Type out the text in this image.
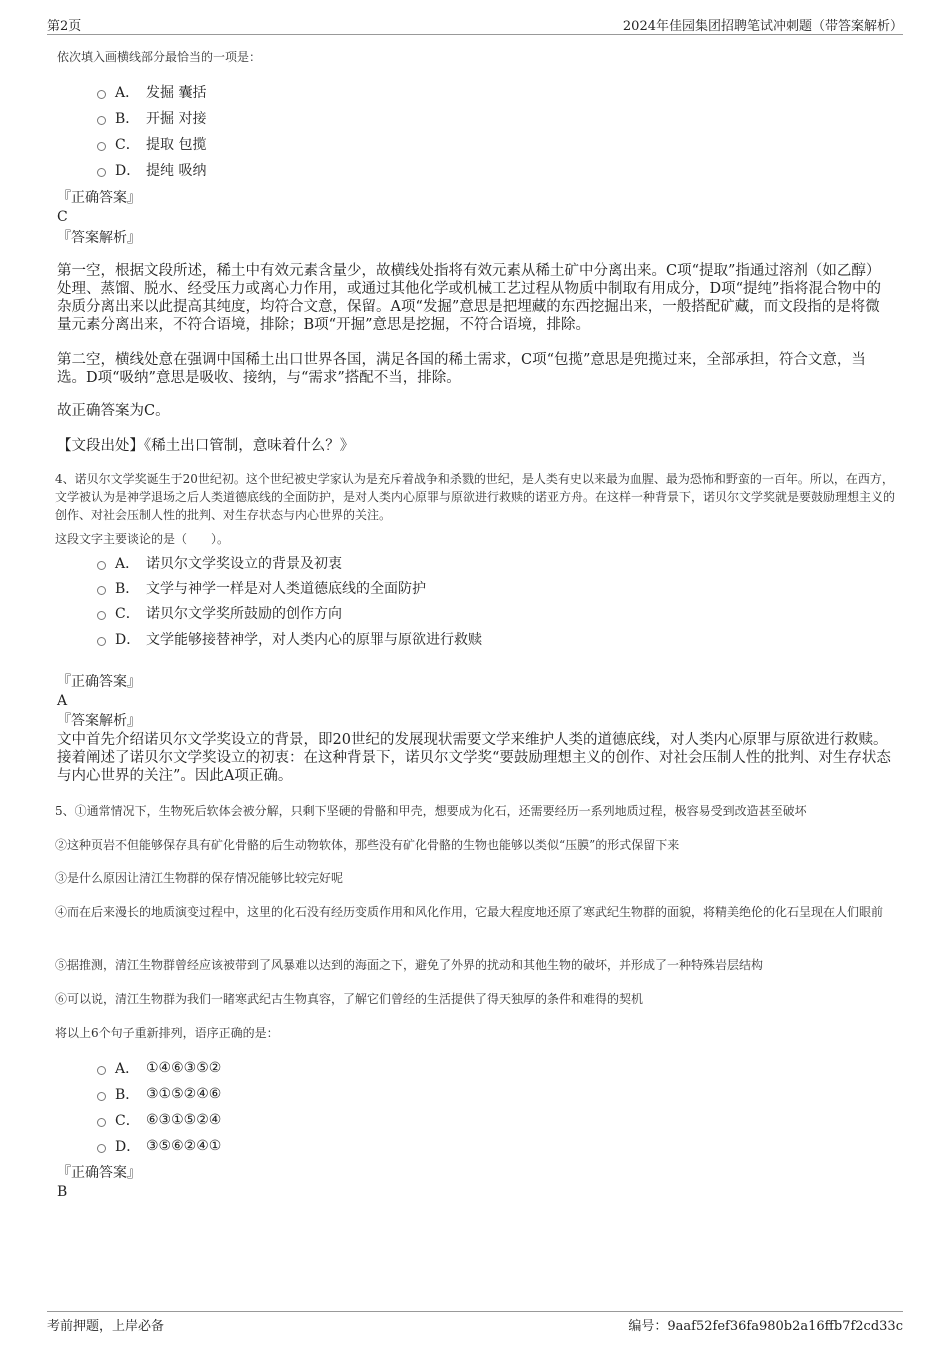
第2页	2024年佳园集团招聘笔试冲刺题（带答案解析）
依次填入画横线部分最恰当的一项是：
A． 发掘 囊括
B． 开掘 对接
C． 提取 包揽
D． 提纯 吸纳
『正确答案』
C
『答案解析』
第一空，根据文段所述，稀土中有效元素含量少，故横线处指将有效元素从稀土矿中分离出来。C项“提取”指通过溶剂（如乙醇）处理、蒸馏、脱水、经受压力或离心力作用，或通过其他化学或机械工艺过程从物质中制取有用成分，D项“提纯”指将混合物中的杂质分离出来以此提高其纯度，均符合文意，保留。A项“发掘”意思是把埋藏的东西挖掘出来，一般搭配矿藏，而文段指的是将微量元素分离出来，不符合语境，排除；B项“开掘”意思是挖掘，不符合语境，排除。
第二空，横线处意在强调中国稀土出口世界各国，满足各国的稀土需求，C项“包揽”意思是兜揽过来，全部承担，符合文意，当选。D项“吸纳”意思是吸收、接纳，与“需求”搭配不当，排除。
故正确答案为C。
【文段出处】《稀土出口管制，意味着什么？》
4、诺贝尔文学奖诞生于20世纪初。这个世纪被史学家认为是充斥着战争和杀戮的世纪，是人类有史以来最为血腥、最为恐怖和野蛮的一百年。所以，在西方，文学被认为是神学退场之后人类道德底线的全面防护，是对人类内心原罪与原欲进行救赎的诺亚方舟。在这样一种背景下，诺贝尔文学奖就是要鼓励理想主义的创作、对社会压制人性的批判、对生存状态与内心世界的关注。
这段文字主要谈论的是（　　）。
A． 诺贝尔文学奖设立的背景及初衷
B． 文学与神学一样是对人类道德底线的全面防护
C． 诺贝尔文学奖所鼓励的创作方向
D． 文学能够接替神学，对人类内心的原罪与原欲进行救赎
『正确答案』
A
『答案解析』
文中首先介绍诺贝尔文学奖设立的背景，即20世纪的发展现状需要文学来维护人类的道德底线，对人类内心原罪与原欲进行救赎。接着阐述了诺贝尔文学奖设立的初衷：在这种背景下，诺贝尔文学奖“要鼓励理想主义的创作、对社会压制人性的批判、对生存状态与内心世界的关注”。因此A项正确。
5、①通常情况下，生物死后软体会被分解，只剩下坚硬的骨骼和甲壳，想要成为化石，还需要经历一系列地质过程，极容易受到改造甚至破坏
②这种页岩不但能够保存具有矿化骨骼的后生动物软体，那些没有矿化骨骼的生物也能够以类似“压膜”的形式保留下来
③是什么原因让清江生物群的保存情况能够比较完好呢
④而在后来漫长的地质演变过程中，这里的化石没有经历变质作用和风化作用，它最大程度地还原了寒武纪生物群的面貌，将精美绝伦的化石呈现在人们眼前
⑤据推测，清江生物群曾经应该被带到了风暴难以达到的海面之下，避免了外界的扰动和其他生物的破坏，并形成了一种特殊岩层结构
⑥可以说，清江生物群为我们一睹寒武纪古生物真容，了解它们曾经的生活提供了得天独厚的条件和难得的契机
将以上6个句子重新排列，语序正确的是：
A． ①④⑥③⑤②
B． ③①⑤②④⑥
C． ⑥③①⑤②④
D． ③⑤⑥②④①
『正确答案』
B
考前押题，上岸必备	编号：9aaf52fef36fa980b2a16ffb7f2cd33c
